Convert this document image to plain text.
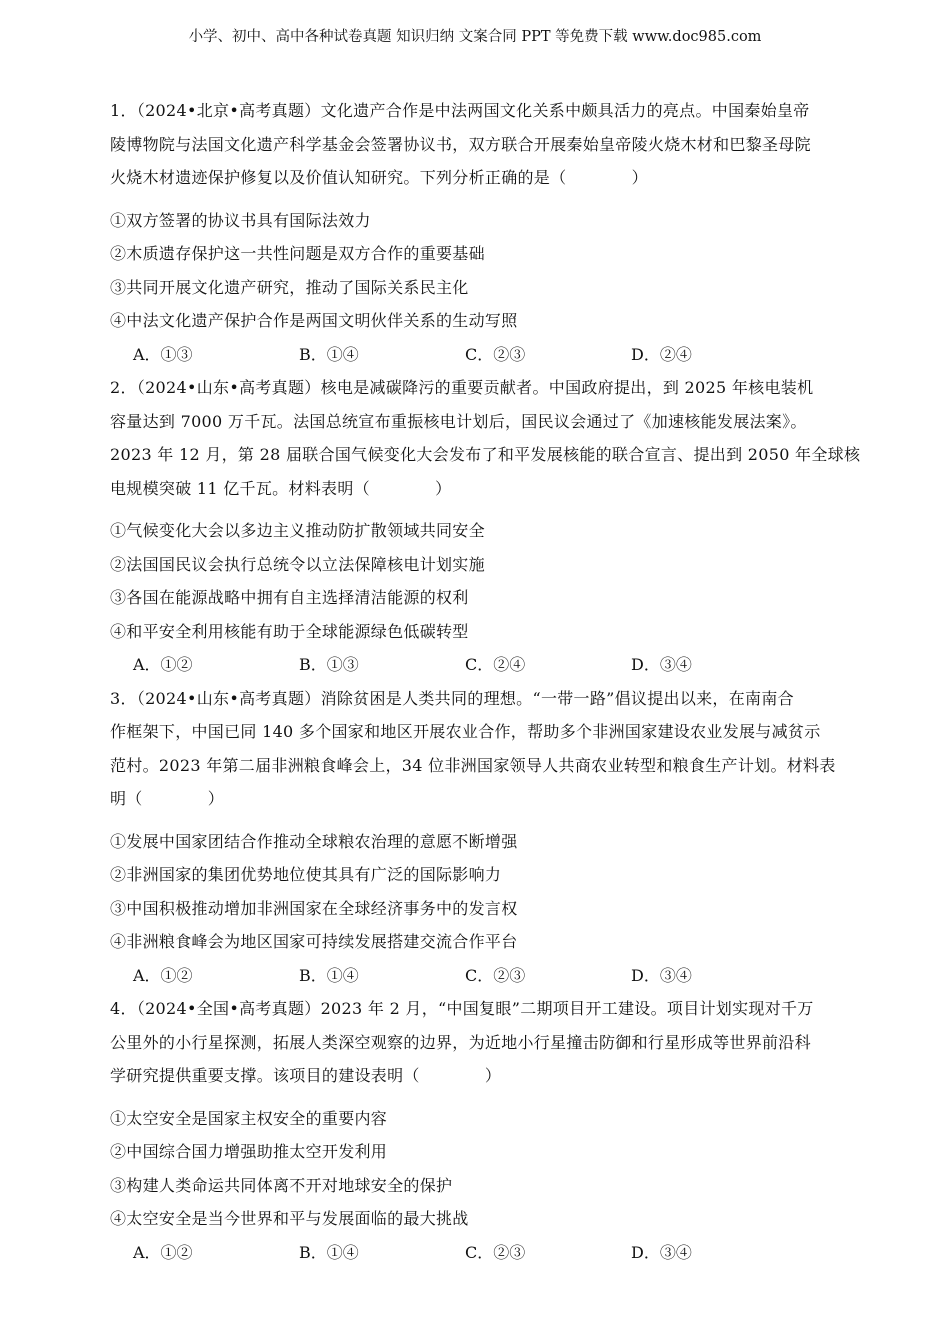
小学、初中、高中各种试卷真题 知识归纳 文案合同 PPT 等免费下载 www.doc985.com
1．（2024•北京•高考真题）文化遗产合作是中法两国文化关系中颇具活力的亮点。中国秦始皇帝
陵博物院与法国文化遗产科学基金会签署协议书，双方联合开展秦始皇帝陵火烧木材和巴黎圣母院
火烧木材遗迹保护修复以及价值认知研究。下列分析正确的是（　　　　）
①双方签署的协议书具有国际法效力
②木质遗存保护这一共性问题是双方合作的重要基础
③共同开展文化遗产研究，推动了国际关系民主化
④中法文化遗产保护合作是两国文明伙伴关系的生动写照
A．①③	B．①④	C．②③	D．②④
2．（2024•山东•高考真题）核电是减碳降污的重要贡献者。中国政府提出，到 2025 年核电装机
容量达到 7000 万千瓦。法国总统宣布重振核电计划后，国民议会通过了《加速核能发展法案》。
2023 年 12 月，第 28 届联合国气候变化大会发布了和平发展核能的联合宣言、提出到 2050 年全球核
电规模突破 11 亿千瓦。材料表明（　　　　）
①气候变化大会以多边主义推动防扩散领域共同安全
②法国国民议会执行总统令以立法保障核电计划实施
③各国在能源战略中拥有自主选择清洁能源的权利
④和平安全利用核能有助于全球能源绿色低碳转型
A．①②	B．①③	C．②④	D．③④
3．（2024•山东•高考真题）消除贫困是人类共同的理想。“一带一路”倡议提出以来，在南南合
作框架下，中国已同 140 多个国家和地区开展农业合作，帮助多个非洲国家建设农业发展与减贫示
范村。2023 年第二届非洲粮食峰会上，34 位非洲国家领导人共商农业转型和粮食生产计划。材料表
明（　　　　）
①发展中国家团结合作推动全球粮农治理的意愿不断增强
②非洲国家的集团优势地位使其具有广泛的国际影响力
③中国积极推动增加非洲国家在全球经济事务中的发言权
④非洲粮食峰会为地区国家可持续发展搭建交流合作平台
A．①②	B．①④	C．②③	D．③④
4．（2024•全国•高考真题）2023 年 2 月，“中国复眼”二期项目开工建设。项目计划实现对千万
公里外的小行星探测，拓展人类深空观察的边界，为近地小行星撞击防御和行星形成等世界前沿科
学研究提供重要支撑。该项目的建设表明（　　　　）
①太空安全是国家主权安全的重要内容
②中国综合国力增强助推太空开发利用
③构建人类命运共同体离不开对地球安全的保护
④太空安全是当今世界和平与发展面临的最大挑战
A．①②	B．①④	C．②③	D．③④
